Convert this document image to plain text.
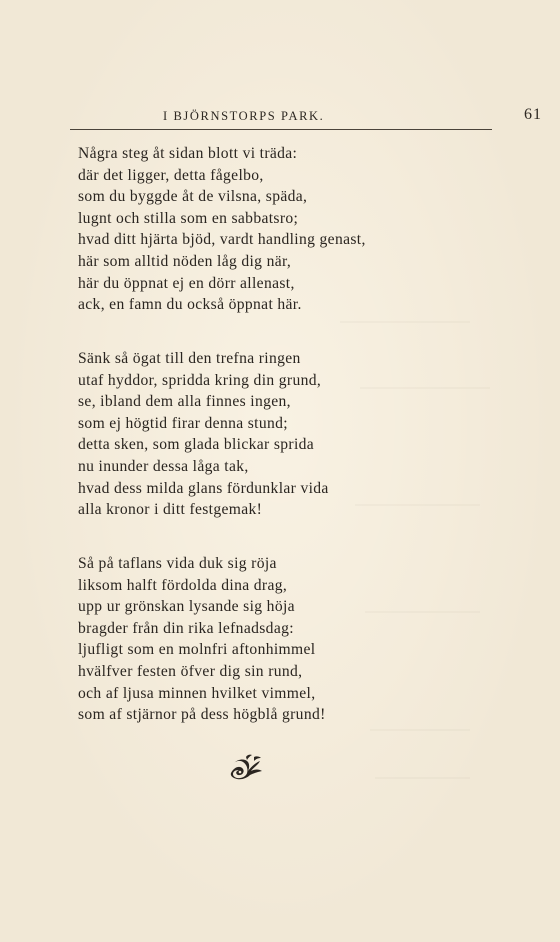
I BJÖRNSTORPS PARK.	61
Några steg åt sidan blott vi träda:
där det ligger, detta fågelbo,
som du byggde åt de vilsna, späda,
lugnt och stilla som en sabbatsro;
hvad ditt hjärta bjöd, vardt handling genast,
här som alltid nöden låg dig när,
här du öppnat ej en dörr allenast,
ack, en famn du också öppnat här.
Sänk så ögat till den trefna ringen
utaf hyddor, spridda kring din grund,
se, ibland dem alla finnes ingen,
som ej högtid firar denna stund;
detta sken, som glada blickar sprida
nu inunder dessa låga tak,
hvad dess milda glans fördunklar vida
alla kronor i ditt festgemak!
Så på taflans vida duk sig röja
liksom halft fördolda dina drag,
upp ur grönskan lysande sig höja
bragder från din rika lefnadsdag:
ljufligt som en molnfri aftonhimmel
hvälfver festen öfver dig sin rund,
och af ljusa minnen hvilket vimmel,
som af stjärnor på dess högblå grund!
